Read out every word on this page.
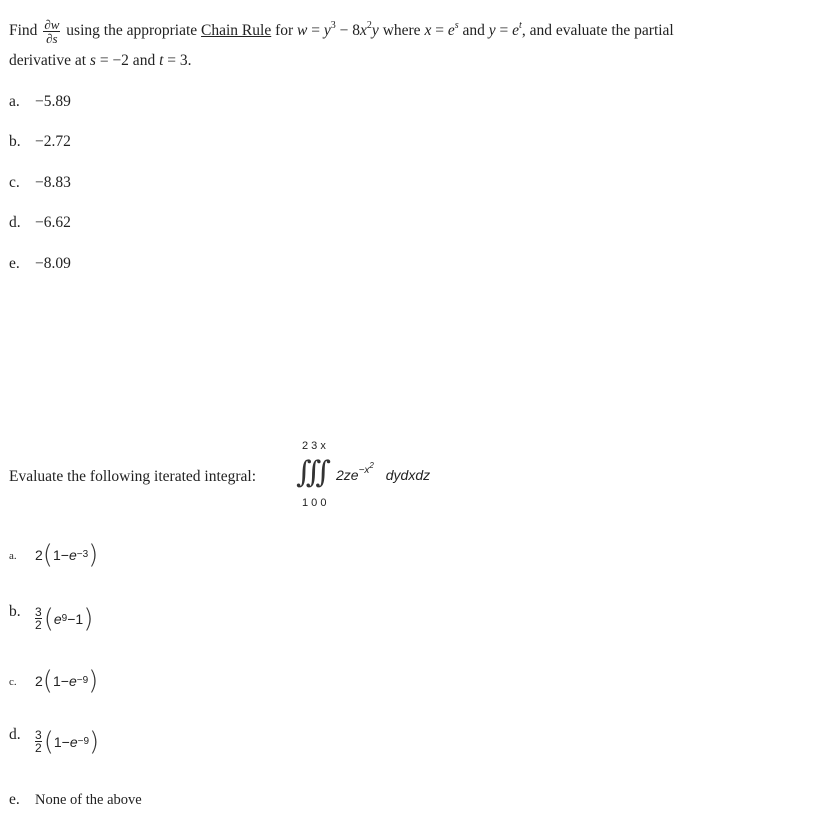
Find $\frac{\partial w}{\partial s}$ using the appropriate Chain Rule for $w = y^3 - 8x^2y$ where $x = e^s$ and $y = e^t$, and evaluate the partial
derivative at s = −2 and t = 3.
a. −5.89
b. −2.72
c. −8.83
d. −6.62
e. −8.09
Evaluate the following iterated integral:
2 3 x
∫∫∫ $2ze^{-x^2}$ dydxdz
1 0 0
a. 2 ( 1 − e −3 )
b. 3
2 ( e 9 − 1 )
c. 2 ( 1 − e −9 )
d. 3
2 ( 1 − e −9 )
e. None of the above
